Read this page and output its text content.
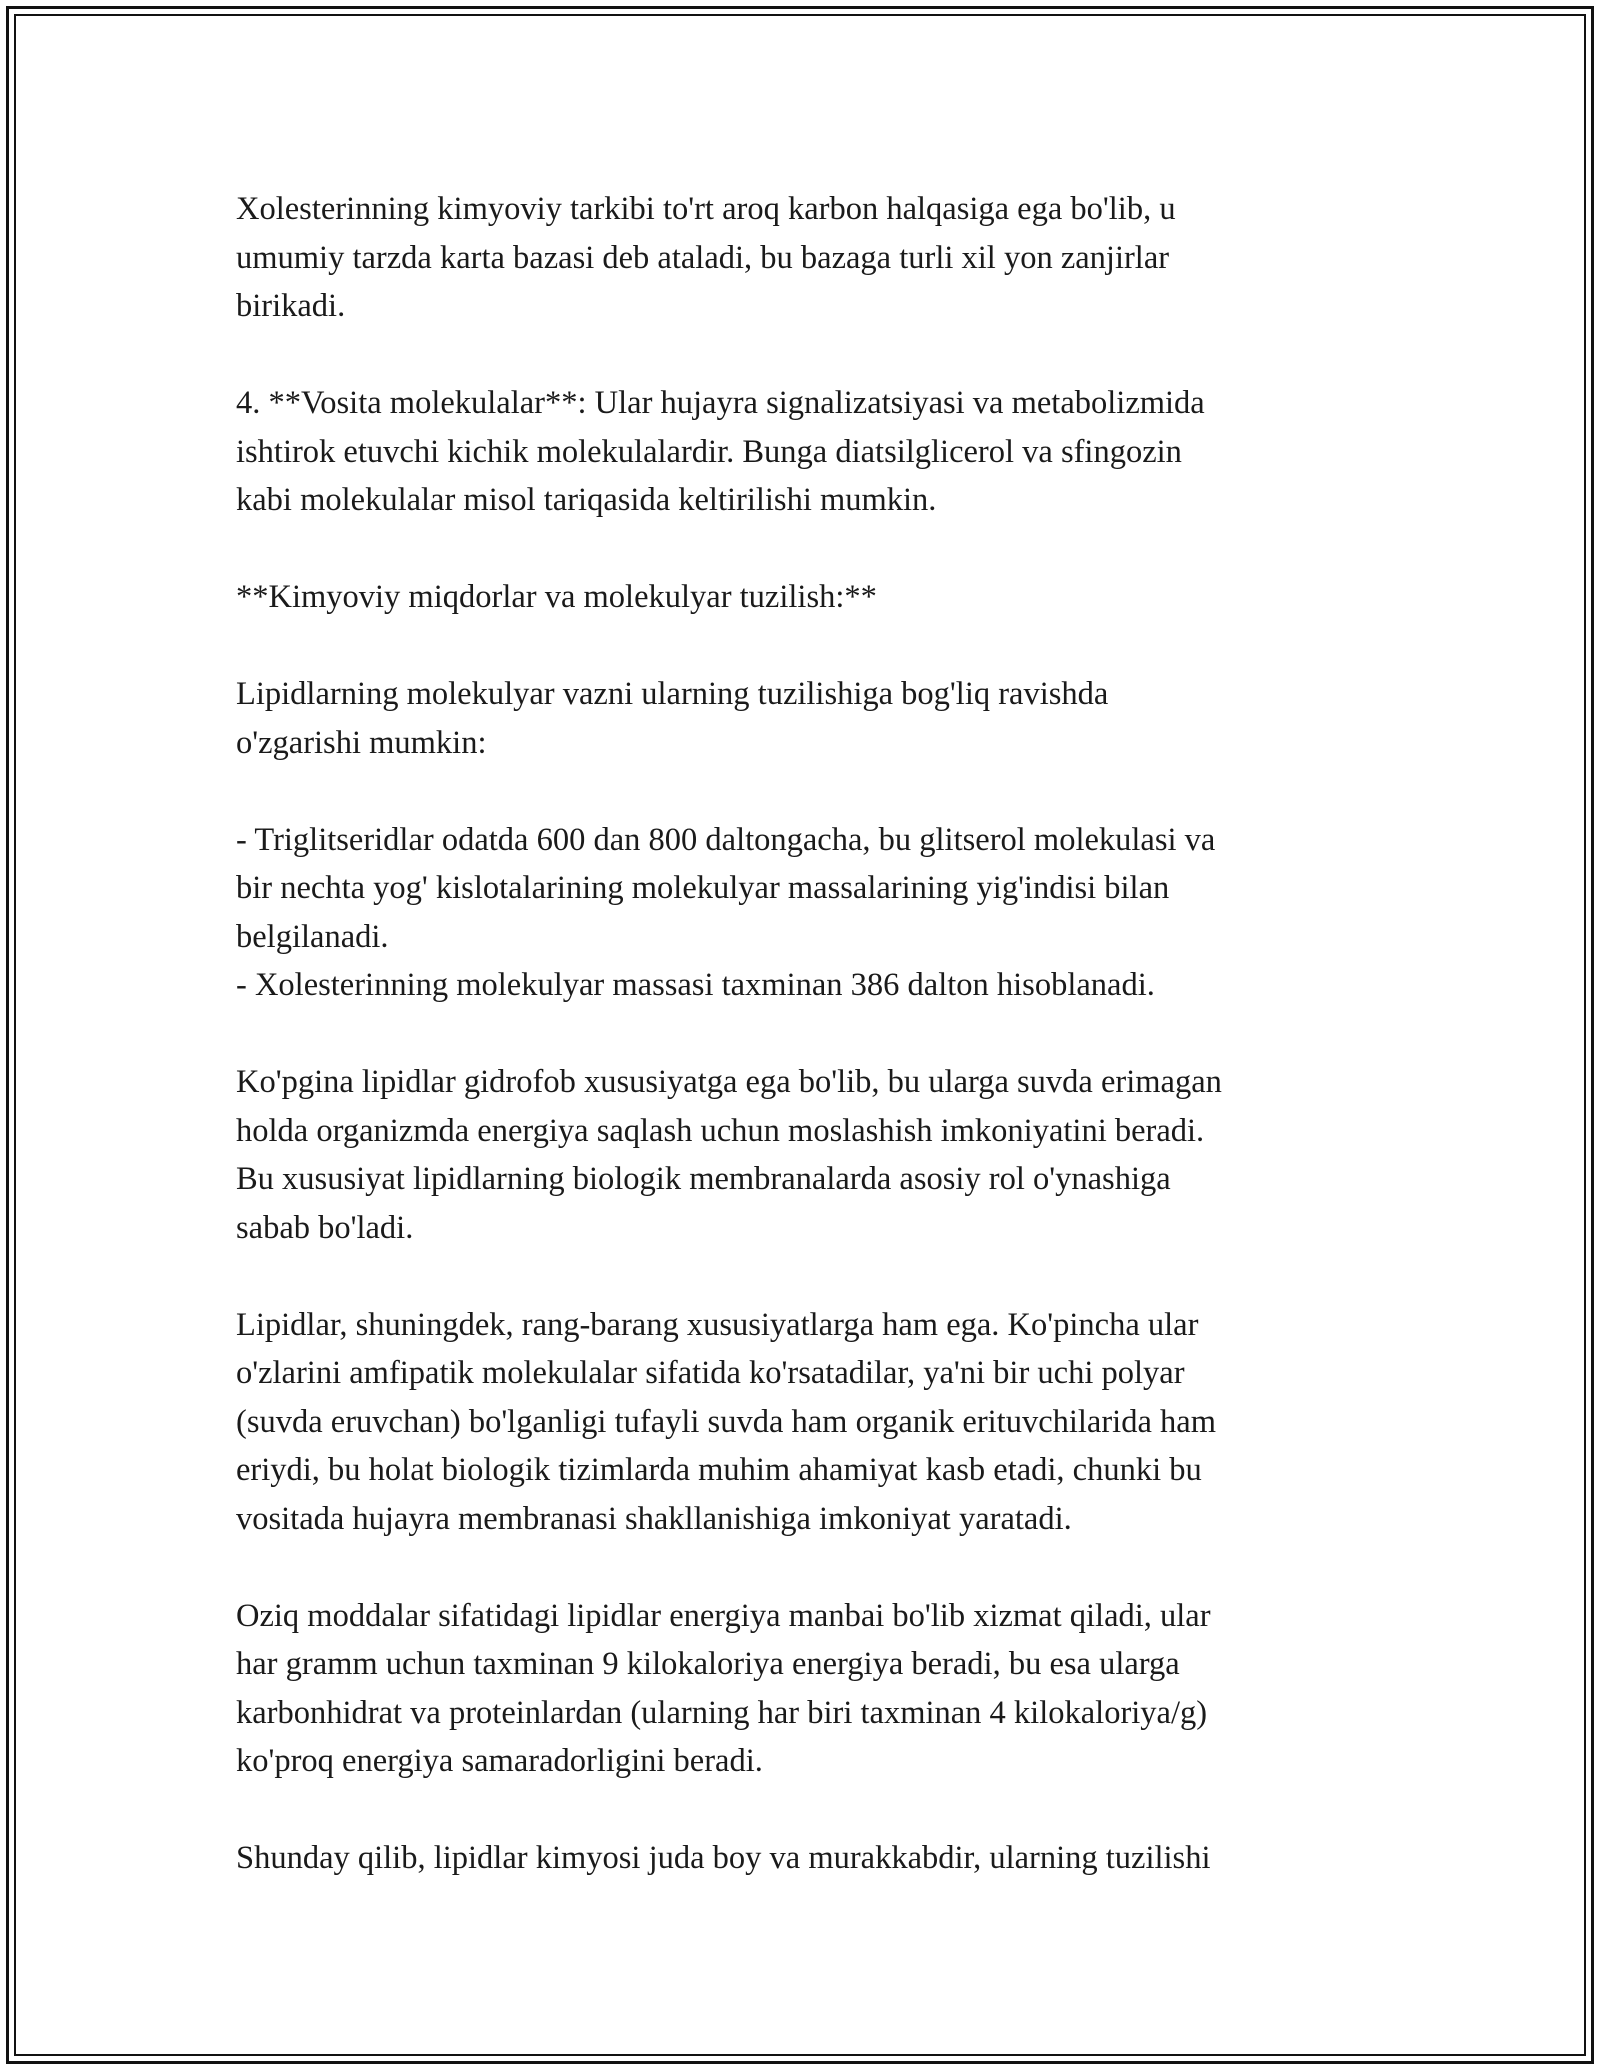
Xolesterinning kimyoviy tarkibi to'rt aroq karbon halqasiga ega bo'lib, u
umumiy tarzda karta bazasi deb ataladi, bu bazaga turli xil yon zanjirlar
birikadi.

4. **Vosita molekulalar**: Ular hujayra signalizatsiyasi va metabolizmida
ishtirok etuvchi kichik molekulalardir. Bunga diatsilglicerol va sfingozin
kabi molekulalar misol tariqasida keltirilishi mumkin.

**Kimyoviy miqdorlar va molekulyar tuzilish:**

Lipidlarning molekulyar vazni ularning tuzilishiga bog'liq ravishda
o'zgarishi mumkin:

- Triglitseridlar odatda 600 dan 800 daltongacha, bu glitserol molekulasi va
bir nechta yog' kislotalarining molekulyar massalarining yig'indisi bilan
belgilanadi.
- Xolesterinning molekulyar massasi taxminan 386 dalton hisoblanadi.

Ko'pgina lipidlar gidrofob xususiyatga ega bo'lib, bu ularga suvda erimagan
holda organizmda energiya saqlash uchun moslashish imkoniyatini beradi.
Bu xususiyat lipidlarning biologik membranalarda asosiy rol o'ynashiga
sabab bo'ladi.

Lipidlar, shuningdek, rang-barang xususiyatlarga ham ega. Ko'pincha ular
o'zlarini amfipatik molekulalar sifatida ko'rsatadilar, ya'ni bir uchi polyar
(suvda eruvchan) bo'lganligi tufayli suvda ham organik erituvchilarida ham
eriydi, bu holat biologik tizimlarda muhim ahamiyat kasb etadi, chunki bu
vositada hujayra membranasi shakllanishiga imkoniyat yaratadi.

Oziq moddalar sifatidagi lipidlar energiya manbai bo'lib xizmat qiladi, ular
har gramm uchun taxminan 9 kilokaloriya energiya beradi, bu esa ularga
karbonhidrat va proteinlardan (ularning har biri taxminan 4 kilokaloriya/g)
ko'proq energiya samaradorligini beradi.

Shunday qilib, lipidlar kimyosi juda boy va murakkabdir, ularning tuzilishi
